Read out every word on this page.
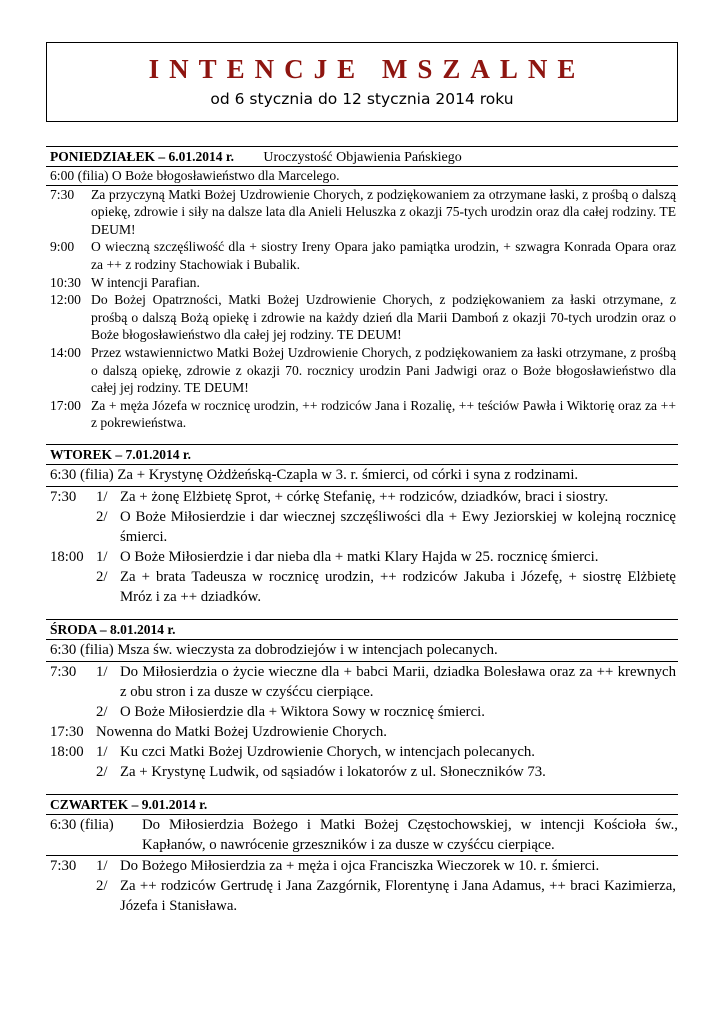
INTENCJE MSZALNE
od 6 stycznia do 12 stycznia 2014 roku
PONIEDZIAŁEK – 6.01.2014 r. Uroczystość Objawienia Pańskiego
6:00 (filia) O Boże błogosławieństwo dla Marcelego.
7:30	Za przyczyną Matki Bożej Uzdrowienie Chorych, z podziękowaniem za otrzymane łaski, z prośbą o dalszą opiekę, zdrowie i siły na dalsze lata dla Anieli Heluszka z okazji 75-tych urodzin oraz dla całej rodziny. TE DEUM!
9:00	O wieczną szczęśliwość dla + siostry Ireny Opara jako pamiątka urodzin, + szwagra Konrada Opara oraz za ++ z rodziny Stachowiak i Bubalik.
10:30 W intencji Parafian.
12:00 Do Bożej Opatrzności, Matki Bożej Uzdrowienie Chorych, z podziękowaniem za łaski otrzymane, z prośbą o dalszą Bożą opiekę i zdrowie na każdy dzień dla Marii Damboń z okazji 70-tych urodzin oraz o Boże błogosławieństwo dla całej jej rodziny. TE DEUM!
14:00 Przez wstawiennictwo Matki Bożej Uzdrowienie Chorych, z podziękowaniem za łaski otrzymane, z prośbą o dalszą opiekę, zdrowie z okazji 70. rocznicy urodzin Pani Jadwigi oraz o Boże błogosławieństwo dla całej jej rodziny. TE DEUM!
17:00 Za + męża Józefa w rocznicę urodzin, ++ rodziców Jana i Rozalię, ++ teściów Pawła i Wiktorię oraz za ++ z pokrewieństwa.
WTOREK – 7.01.2014 r.
6:30 (filia) Za + Krystynę Ożdżeńską-Czapla w 3. r. śmierci, od córki i syna z rodzinami.
7:30	1/ Za + żonę Elżbietę Sprot, + córkę Stefanię, ++ rodziców, dziadków, braci i siostry.
2/ O Boże Miłosierdzie i dar wiecznej szczęśliwości dla + Ewy Jeziorskiej w kolejną rocznicę śmierci.
18:00 1/ O Boże Miłosierdzie i dar nieba dla + matki Klary Hajda w 25. rocznicę śmierci.
2/ Za + brata Tadeusza w rocznicę urodzin, ++ rodziców Jakuba i Józefę, + siostrę Elżbietę Mróz i za ++ dziadków.
ŚRODA – 8.01.2014 r.
6:30 (filia) Msza św. wieczysta za dobrodziejów i w intencjach polecanych.
7:30	1/ Do Miłosierdzia o życie wieczne dla + babci Marii, dziadka Bolesława oraz za ++ krewnych z obu stron i za dusze w czyśćcu cierpiące.
2/ O Boże Miłosierdzie dla + Wiktora Sowy w rocznicę śmierci.
17:30 Nowenna do Matki Bożej Uzdrowienie Chorych.
18:00 1/ Ku czci Matki Bożej Uzdrowienie Chorych, w intencjach polecanych.
2/ Za + Krystynę Ludwik, od sąsiadów i lokatorów z ul. Słoneczników 73.
CZWARTEK – 9.01.2014 r.
6:30 (filia)	Do Miłosierdzia Bożego i Matki Bożej Częstochowskiej, w intencji Kościoła św., Kapłanów, o nawrócenie grzeszników i za dusze w czyśćcu cierpiące.
7:30	1/ Do Bożego Miłosierdzia za + męża i ojca Franciszka Wieczorek w 10. r. śmierci.
2/ Za ++ rodziców Gertrudę i Jana Zazgórnik, Florentynę i Jana Adamus, ++ braci Kazimierza, Józefa i Stanisława.
